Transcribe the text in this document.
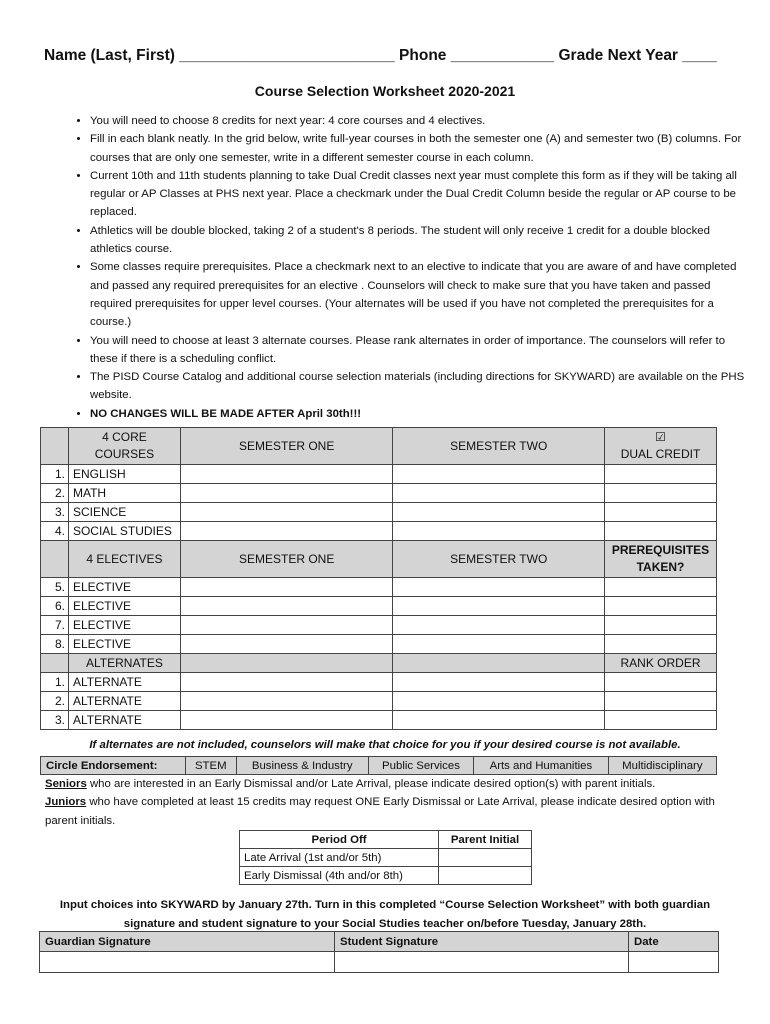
Name (Last, First) _________________________ Phone ____________ Grade Next Year ____
Course Selection Worksheet 2020-2021
• You will need to choose 8 credits for next year: 4 core courses and 4 electives.
• Fill in each blank neatly. In the grid below, write full-year courses in both the semester one (A) and semester two (B) columns. For courses that are only one semester, write in a different semester course in each column.
• Current 10th and 11th students planning to take Dual Credit classes next year must complete this form as if they will be taking all regular or AP Classes at PHS next year. Place a checkmark under the Dual Credit Column beside the regular or AP course to be replaced.
• Athletics will be double blocked, taking 2 of a student's 8 periods. The student will only receive 1 credit for a double blocked athletics course.
• Some classes require prerequisites. Place a checkmark next to an elective to indicate that you are aware of and have completed and passed any required prerequisites for an elective . Counselors will check to make sure that you have taken and passed required prerequisites for upper level courses. (Your alternates will be used if you have not completed the prerequisites for a course.)
• You will need to choose at least 3 alternate courses. Please rank alternates in order of importance. The counselors will refer to these if there is a scheduling conflict.
• The PISD Course Catalog and additional course selection materials (including directions for SKYWARD) are available on the PHS website.
• NO CHANGES WILL BE MADE AFTER April 30th!!!
	4 CORE COURSES	SEMESTER ONE	SEMESTER TWO	☑
DUAL CREDIT

1.	ENGLISH			
2.	MATH			
3.	SCIENCE			
4.	SOCIAL STUDIES			
	4 ELECTIVES	SEMESTER ONE	SEMESTER TWO	PREREQUISITES TAKEN?
5.	ELECTIVE			
6.	ELECTIVE			
7.	ELECTIVE			
8.	ELECTIVE			
	ALTERNATES			RANK ORDER
1.	ALTERNATE			
2.	ALTERNATE			
3.	ALTERNATE			
If alternates are not included, counselors will make that choice for you if your desired course is not available.
Circle Endorsement:	STEM	Business & Industry	Public Services	Arts and Humanities	Multidisciplinary
Seniors who are interested in an Early Dismissal and/or Late Arrival, please indicate desired option(s) with parent initials.
Juniors who have completed at least 15 credits may request ONE Early Dismissal or Late Arrival, please indicate desired option with parent initials.
Period Off	Parent Initial
Late Arrival (1st and/or 5th)	
Early Dismissal (4th and/or 8th)	
Input choices into SKYWARD by January 27th. Turn in this completed “Course Selection Worksheet” with both guardian signature and student signature to your Social Studies teacher on/before Tuesday, January 28th.
Guardian Signature	Student Signature	Date
